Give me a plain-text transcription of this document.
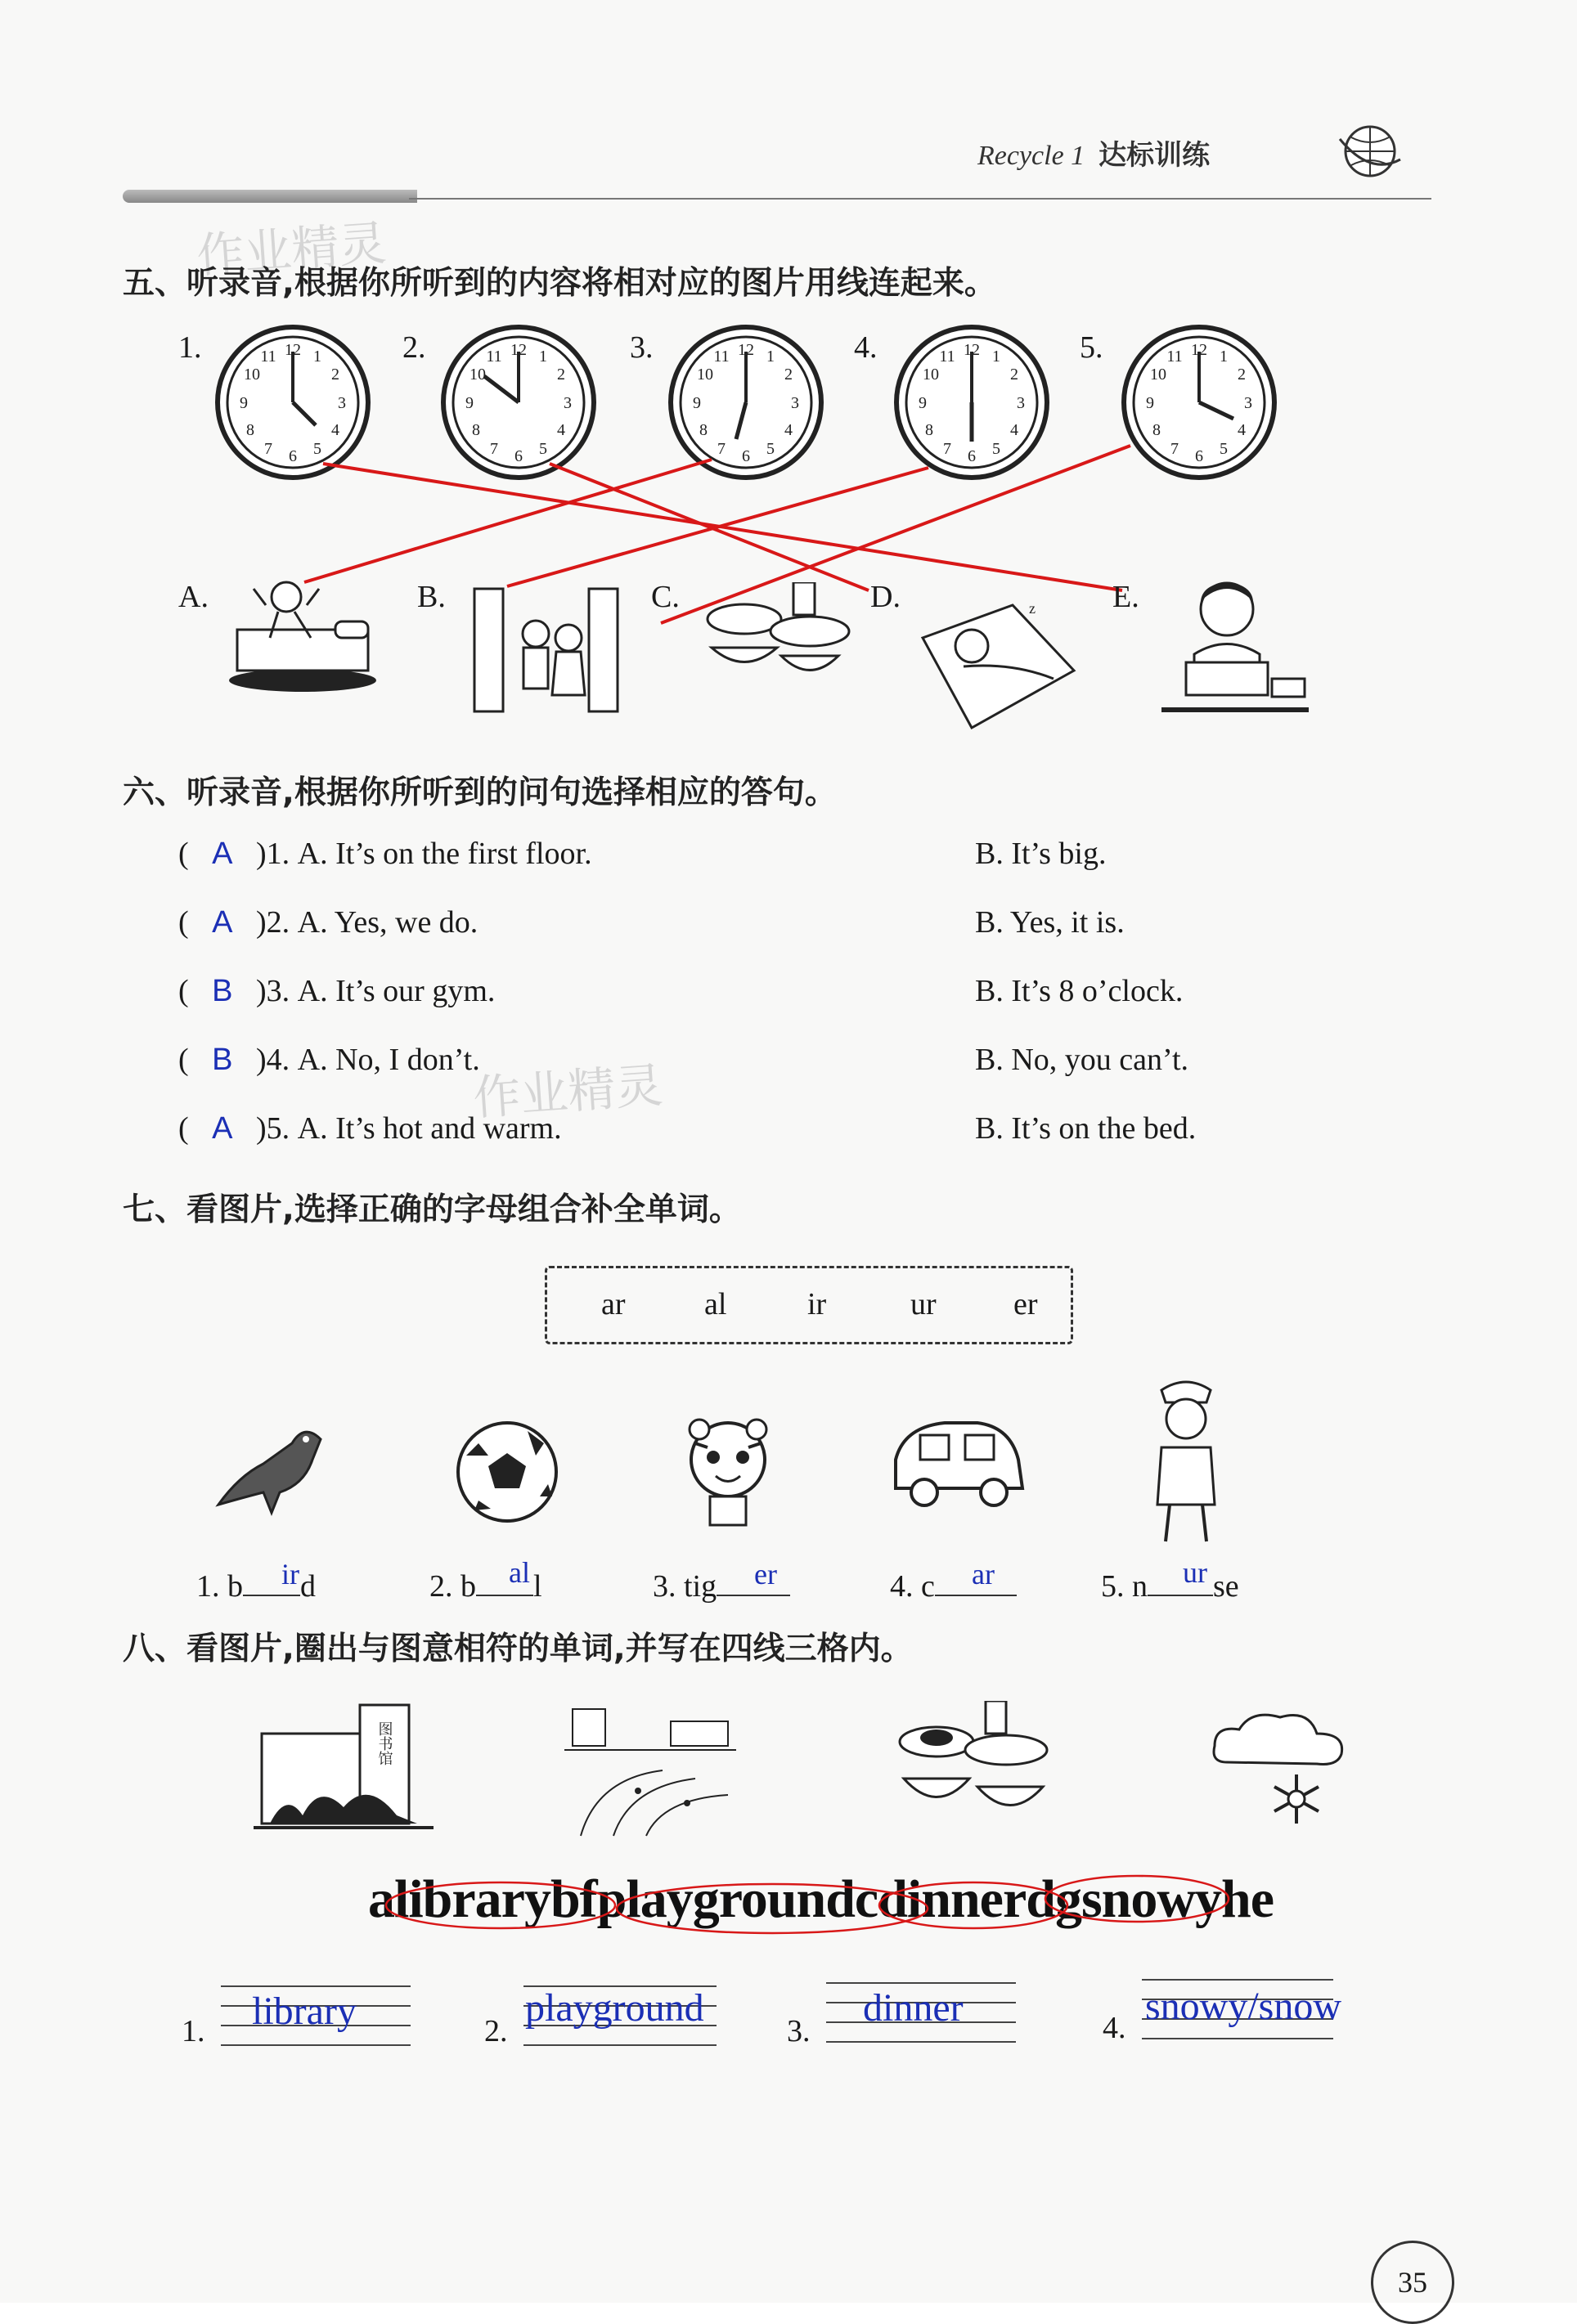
Recycle 1 达标训练
作业精灵
作业精灵
五、听录音,根据你所听到的内容将相对应的图片用线连起来。
1.	2.	3.	4.	5.
12 1
2
3
4
5
6
7
8
9
10
11	12 1
2
3
4
5
6
7
8
9
10
11	12 1
2
3
4
5
6
7
8
9
10
11	12 1
2
3
4
5
6
7
8
9
10
11	12 1
2
3
4
5
6
7
8
9
10
11
A.	B.	C.	D.	E.
z
六、听录音,根据你所听到的问句选择相应的答句。
(   A   )1. A. It’s on the first floor.	B. It’s big.
(   A   )2. A. Yes, we do.	B. Yes, it is.
(   B   )3. A. It’s our gym.	B. It’s 8 o’clock.
(   B   )4. A. No, I don’t.	B. No, you can’t.
(   A   )5. A. It’s hot and warm.	B. It’s on the bed.
七、看图片,选择正确的字母组合补全单词。
ar	al	ir	ur er
1. b d
ir	2. b l
al	3. tig	er	4. c	ar	5. n se
ur
八、看图片,圈出与图意相符的单词,并写在四线三格内。
图书馆
alibrarybfplaygroundcdinnerdgsnowyhe
1. library	2.
playground
3.
dinner	4. snowy/snow
35
